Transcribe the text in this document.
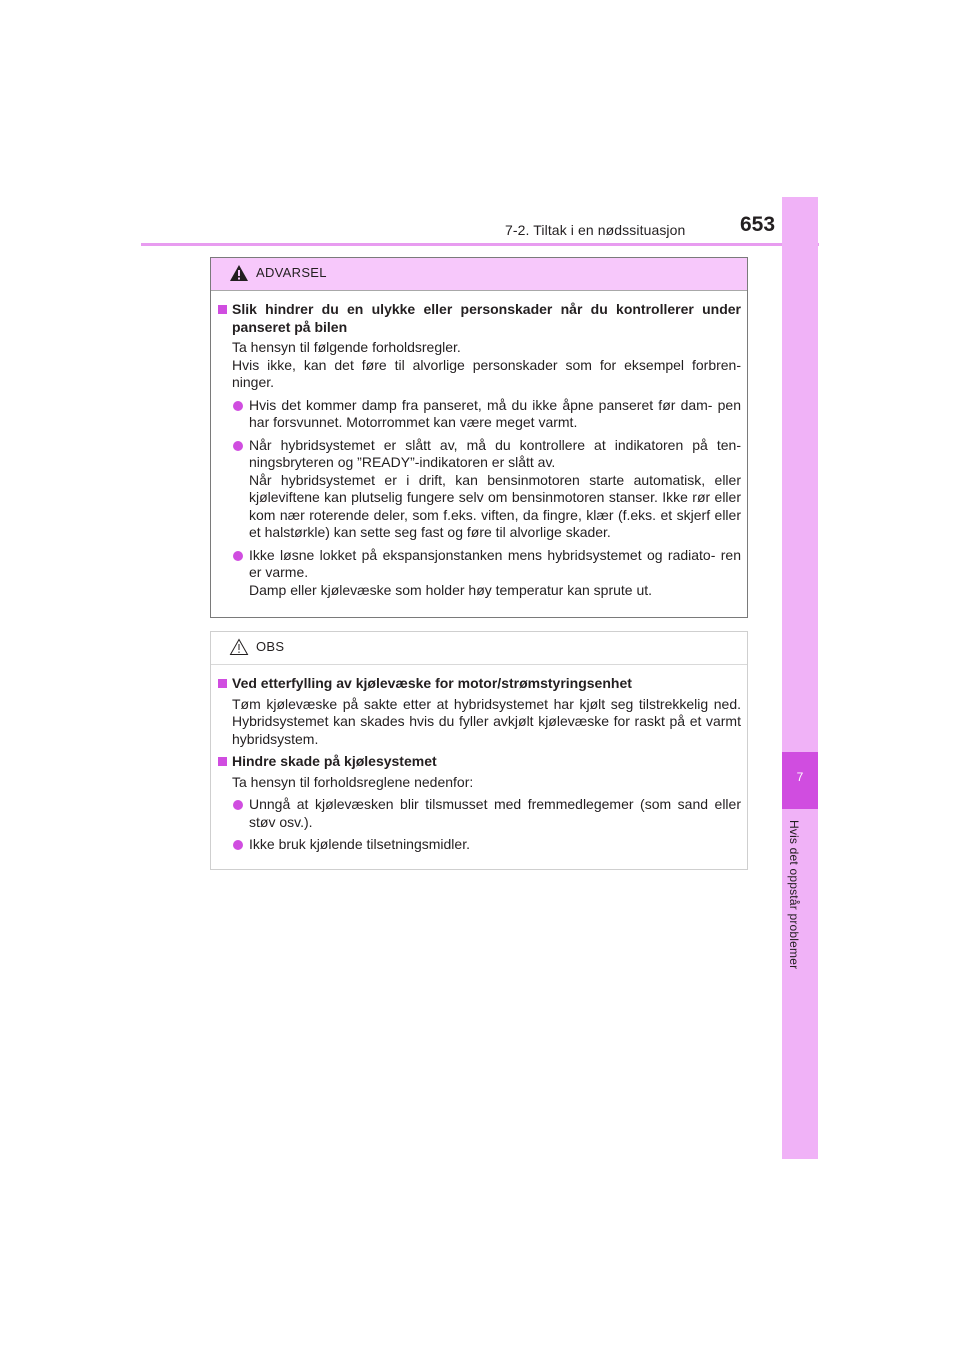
7-2. Tiltak i en nødssituasjon	653
7
Hvis det oppstår problemer
ADVARSEL
Slik hindrer du en ulykke eller personskader når du kontrollerer under panseret på bilen
Ta hensyn til følgende forholdsregler.
Hvis ikke, kan det føre til alvorlige personskader som for eksempel forbren- ninger.
Hvis det kommer damp fra panseret, må du ikke åpne panseret før dam- pen har forsvunnet. Motorrommet kan være meget varmt.
Når hybridsystemet er slått av, må du kontrollere at indikatoren på ten- ningsbryteren og ”READY”-indikatoren er slått av.
Når hybridsystemet er i drift, kan bensinmotoren starte automatisk, eller kjøleviftene kan plutselig fungere selv om bensinmotoren stanser. Ikke rør eller kom nær roterende deler, som f.eks. viften, da fingre, klær (f.eks. et skjerf eller et halstørkle) kan sette seg fast og føre til alvorlige skader.
Ikke løsne lokket på ekspansjonstanken mens hybridsystemet og radiato- ren er varme.
Damp eller kjølevæske som holder høy temperatur kan sprute ut.
OBS
Ved etterfylling av kjølevæske for motor/strømstyringsenhet
Tøm kjølevæske på sakte etter at hybridsystemet har kjølt seg tilstrekkelig ned. Hybridsystemet kan skades hvis du fyller avkjølt kjølevæske for raskt på et varmt hybridsystem.
Hindre skade på kjølesystemet
Ta hensyn til forholdsreglene nedenfor:
Unngå at kjølevæsken blir tilsmusset med fremmedlegemer (som sand eller støv osv.).
Ikke bruk kjølende tilsetningsmidler.
